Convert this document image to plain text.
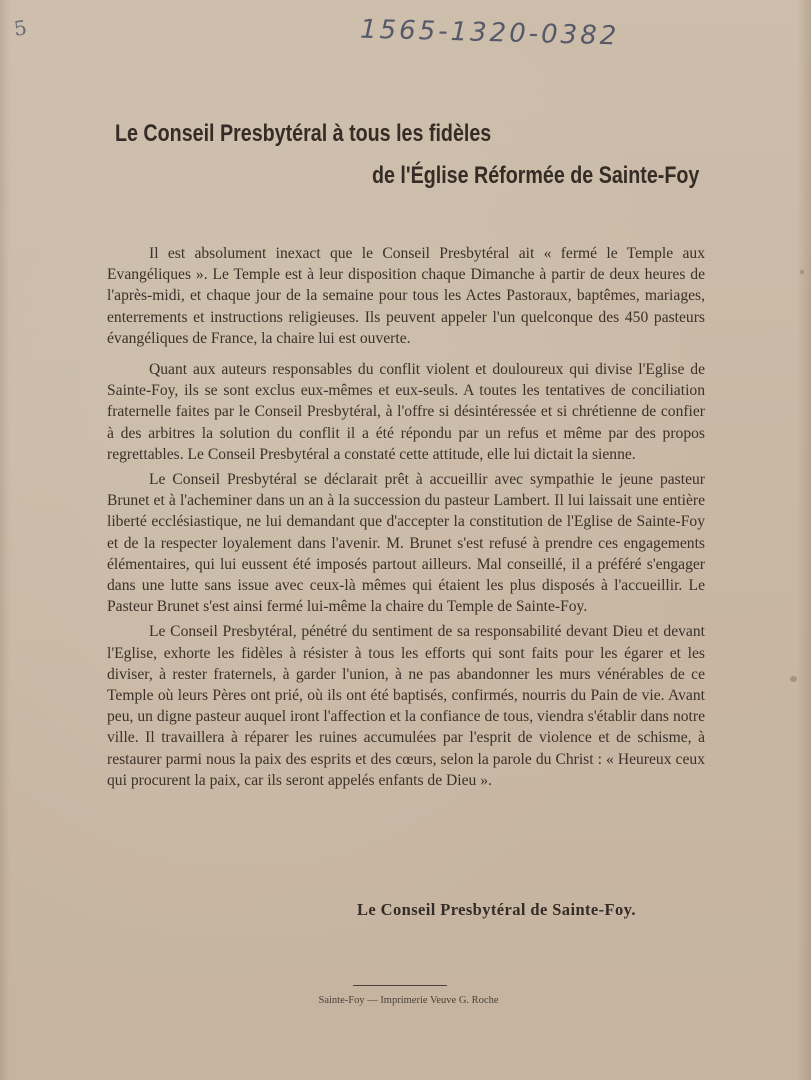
5	1565-1320-0382
Le Conseil Presbytéral à tous les fidèles
de l'Église Réformée de Sainte-Foy

Il est absolument inexact que le Conseil Presbytéral ait « fermé le Temple aux Evangéliques ». Le Temple est à leur disposition chaque Dimanche à partir de deux heures de l'après-midi, et chaque jour de la semaine pour tous les Actes Pastoraux, baptêmes, mariages, enterrements et instructions religieuses. Ils peuvent appeler l'un quelconque des 450 pasteurs évangéliques de France, la chaire lui est ouverte.

Quant aux auteurs responsables du conflit violent et douloureux qui divise l'Eglise de Sainte-Foy, ils se sont exclus eux-mêmes et eux-seuls. A toutes les tentatives de conciliation fraternelle faites par le Conseil Presbytéral, à l'offre si désintéressée et si chrétienne de confier à des arbitres la solution du conflit il a été répondu par un refus et même par des propos regrettables. Le Conseil Presbytéral a constaté cette attitude, elle lui dictait la sienne.

Le Conseil Presbytéral se déclarait prêt à accueillir avec sympathie le jeune pasteur Brunet et à l'acheminer dans un an à la succession du pasteur Lambert. Il lui laissait une entière liberté ecclésiastique, ne lui demandant que d'accepter la constitution de l'Eglise de Sainte-Foy et de la respecter loyalement dans l'avenir. M. Brunet s'est refusé à prendre ces engagements élémentaires, qui lui eussent été imposés partout ailleurs. Mal conseillé, il a préféré s'engager dans une lutte sans issue avec ceux-là mêmes qui étaient les plus disposés à l'accueillir. Le Pasteur Brunet s'est ainsi fermé lui-même la chaire du Temple de Sainte-Foy.

Le Conseil Presbytéral, pénétré du sentiment de sa responsabilité devant Dieu et devant l'Eglise, exhorte les fidèles à résister à tous les efforts qui sont faits pour les égarer et les diviser, à rester fraternels, à garder l'union, à ne pas abandonner les murs vénérables de ce Temple où leurs Pères ont prié, où ils ont été baptisés, confirmés, nourris du Pain de vie. Avant peu, un digne pasteur auquel iront l'affection et la confiance de tous, viendra s'établir dans notre ville. Il travaillera à réparer les ruines accumulées par l'esprit de violence et de schisme, à restaurer parmi nous la paix des esprits et des cœurs, selon la parole du Christ : « Heureux ceux qui procurent la paix, car ils seront appelés enfants de Dieu ».

Le Conseil Presbytéral de Sainte-Foy.
Sainte-Foy — Imprimerie Veuve G. Roche
